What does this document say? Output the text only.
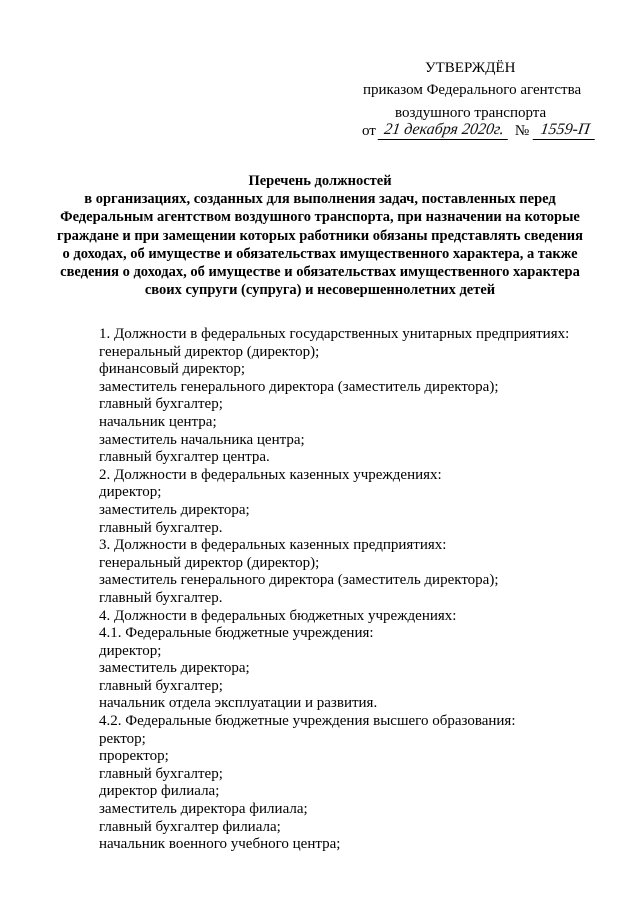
УТВЕРЖДЁН
приказом Федерального агентства
воздушного транспорта
от 21 декабря 2020г. № 1559-П
Перечень должностей
в организациях, созданных для выполнения задач, поставленных перед
Федеральным агентством воздушного транспорта, при назначении на которые
граждане и при замещении которых работники обязаны представлять сведения
о доходах, об имуществе и обязательствах имущественного характера, а также
сведения о доходах, об имуществе и обязательствах имущественного характера
своих супруги (супруга) и несовершеннолетних детей
1. Должности в федеральных государственных унитарных предприятиях:
генеральный директор (директор);
финансовый директор;
заместитель генерального директора (заместитель директора);
главный бухгалтер;
начальник центра;
заместитель начальника центра;
главный бухгалтер центра.
2. Должности в федеральных казенных учреждениях:
директор;
заместитель директора;
главный бухгалтер.
3. Должности в федеральных казенных предприятиях:
генеральный директор (директор);
заместитель генерального директора (заместитель директора);
главный бухгалтер.
4. Должности в федеральных бюджетных учреждениях:
4.1. Федеральные бюджетные учреждения:
директор;
заместитель директора;
главный бухгалтер;
начальник отдела эксплуатации и развития.
4.2. Федеральные бюджетные учреждения высшего образования:
ректор;
проректор;
главный бухгалтер;
директор филиала;
заместитель директора филиала;
главный бухгалтер филиала;
начальник военного учебного центра;
